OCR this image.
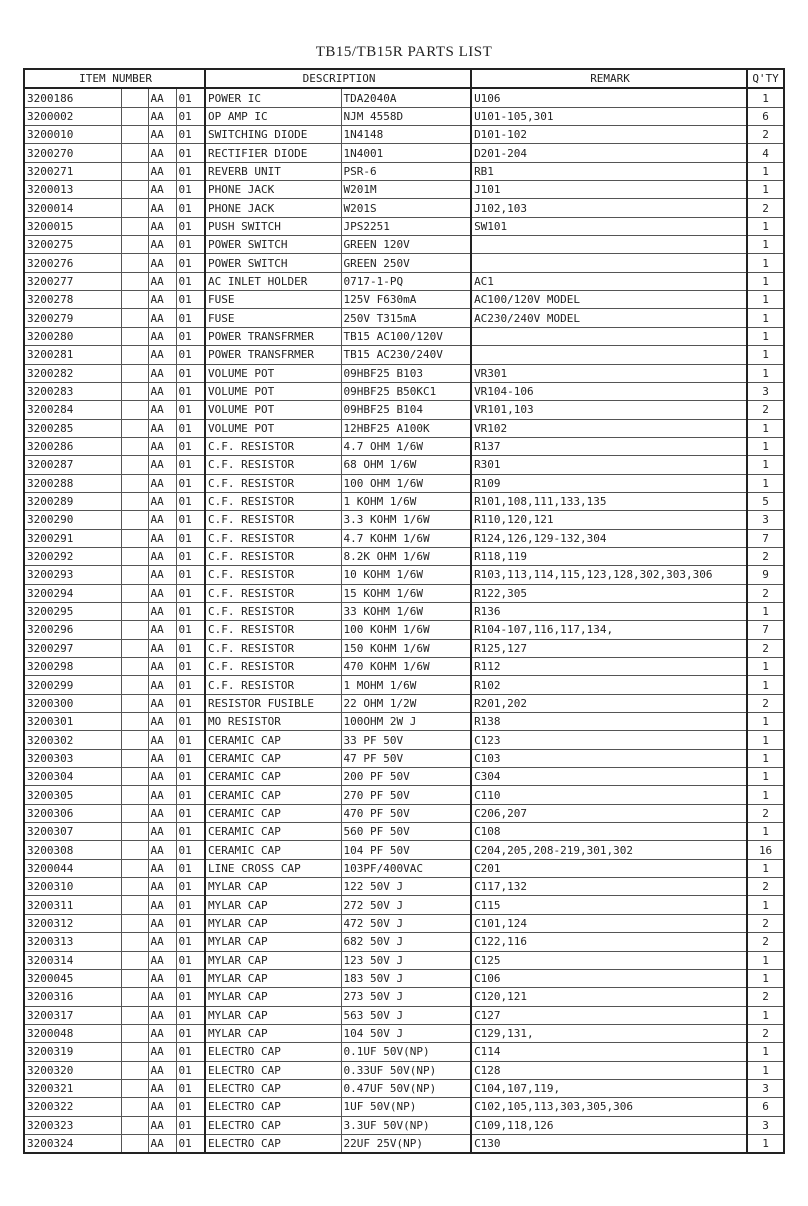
TB15/TB15R PARTS LIST
ITEM NUMBER				DESCRIPTION		REMARK	Q'TY
3200186		AA	01	POWER IC	TDA2040A	U106	1
3200002		AA	01	OP AMP IC	NJM 4558D	U101-105,301	6
3200010		AA	01	SWITCHING DIODE	1N4148	D101-102	2
3200270		AA	01	RECTIFIER DIODE	1N4001	D201-204	4
3200271		AA	01	REVERB UNIT	PSR-6	RB1	1
3200013		AA	01	PHONE JACK	W201M	J101	1
3200014		AA	01	PHONE JACK	W201S	J102,103	2
3200015		AA	01	PUSH SWITCH	JPS2251	SW101	1
3200275		AA	01	POWER SWITCH	GREEN 120V		1
3200276		AA	01	POWER SWITCH	GREEN 250V		1
3200277		AA	01	AC INLET HOLDER	0717-1-PQ	AC1	1
3200278		AA	01	FUSE	125V F630mA	AC100/120V MODEL	1
3200279		AA	01	FUSE	250V T315mA	AC230/240V MODEL	1
3200280		AA	01	POWER TRANSFRMER	TB15 AC100/120V		1
3200281		AA	01	POWER TRANSFRMER	TB15 AC230/240V		1
3200282		AA	01	VOLUME POT	09HBF25 B103	VR301	1
3200283		AA	01	VOLUME POT	09HBF25 B50KC1	VR104-106	3
3200284		AA	01	VOLUME POT	09HBF25 B104	VR101,103	2
3200285		AA	01	VOLUME POT	12HBF25 A100K	VR102	1
3200286		AA	01	C.F. RESISTOR	4.7 OHM 1/6W	R137	1
3200287		AA	01	C.F. RESISTOR	68 OHM 1/6W	R301	1
3200288		AA	01	C.F. RESISTOR	100 OHM 1/6W	R109	1
3200289		AA	01	C.F. RESISTOR	1 KOHM 1/6W	R101,108,111,133,135	5
3200290		AA	01	C.F. RESISTOR	3.3 KOHM 1/6W	R110,120,121	3
3200291		AA	01	C.F. RESISTOR	4.7 KOHM 1/6W	R124,126,129-132,304	7
3200292		AA	01	C.F. RESISTOR	8.2K OHM 1/6W	R118,119	2
3200293		AA	01	C.F. RESISTOR	10 KOHM 1/6W	R103,113,114,115,123,128,302,303,306	9
3200294		AA	01	C.F. RESISTOR	15 KOHM 1/6W	R122,305	2
3200295		AA	01	C.F. RESISTOR	33 KOHM 1/6W	R136	1
3200296		AA	01	C.F. RESISTOR	100 KOHM 1/6W	R104-107,116,117,134,	7
3200297		AA	01	C.F. RESISTOR	150 KOHM 1/6W	R125,127	2
3200298		AA	01	C.F. RESISTOR	470 KOHM 1/6W	R112	1
3200299		AA	01	C.F. RESISTOR	1 MOHM 1/6W	R102	1
3200300		AA	01	RESISTOR FUSIBLE	22 OHM 1/2W	R201,202	2
3200301		AA	01	MO RESISTOR	100OHM 2W J	R138	1
3200302		AA	01	CERAMIC CAP	33 PF 50V	C123	1
3200303		AA	01	CERAMIC CAP	47 PF 50V	C103	1
3200304		AA	01	CERAMIC CAP	200 PF 50V	C304	1
3200305		AA	01	CERAMIC CAP	270 PF 50V	C110	1
3200306		AA	01	CERAMIC CAP	470 PF 50V	C206,207	2
3200307		AA	01	CERAMIC CAP	560 PF 50V	C108	1
3200308		AA	01	CERAMIC CAP	104 PF 50V	C204,205,208-219,301,302	16
3200044		AA	01	LINE CROSS CAP	103PF/400VAC	C201	1
3200310		AA	01	MYLAR CAP	122 50V J	C117,132	2
3200311		AA	01	MYLAR CAP	272 50V J	C115	1
3200312		AA	01	MYLAR CAP	472 50V J	C101,124	2
3200313		AA	01	MYLAR CAP	682 50V J	C122,116	2
3200314		AA	01	MYLAR CAP	123 50V J	C125	1
3200045		AA	01	MYLAR CAP	183 50V J	C106	1
3200316		AA	01	MYLAR CAP	273 50V J	C120,121	2
3200317		AA	01	MYLAR CAP	563 50V J	C127	1
3200048		AA	01	MYLAR CAP	104 50V J	C129,131,	2
3200319		AA	01	ELECTRO CAP	0.1UF 50V(NP)	C114	1
3200320		AA	01	ELECTRO CAP	0.33UF 50V(NP)	C128	1
3200321		AA	01	ELECTRO CAP	0.47UF 50V(NP)	C104,107,119,	3
3200322		AA	01	ELECTRO CAP	1UF 50V(NP)	C102,105,113,303,305,306	6
3200323		AA	01	ELECTRO CAP	3.3UF 50V(NP)	C109,118,126	3
3200324		AA	01	ELECTRO CAP	22UF 25V(NP)	C130	1
